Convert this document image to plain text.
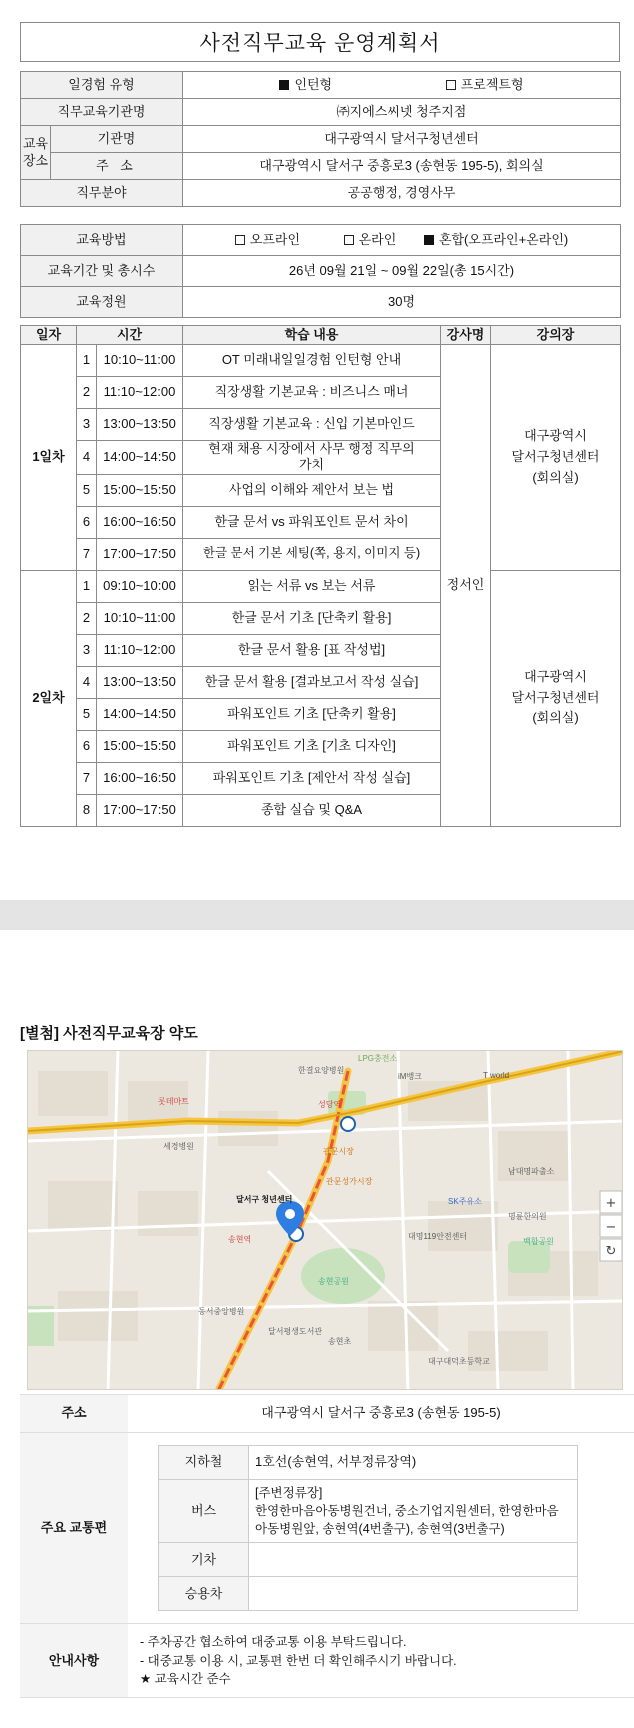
사전직무교육 운영계획서
일경험 유형		인턴형 프로젝트형
직무교육기관명		㈜지에스씨넷 청주지점
교육
장소	기관명	대구광역시 달서구청년센터
	주 소	대구광역시 달서구 중흥로3 (송현동 195-5), 회의실
직무분야		공공행정, 경영사무
교육방법	오프라인 온라인 혼합(오프라인+온라인)
교육기간 및 총시수	26년 09월 21일 ~ 09월 22일(총 15시간)
교육정원	30명
일자	시간		학습 내용	강사명	강의장
1일차	1	10:10~11:00	OT 미래내일일경험 인턴형 안내	정서인	대구광역시
달서구청년센터
(회의실)
	2	11:10~12:00	직장생활 기본교육 : 비즈니스 매너		
	3	13:00~13:50	직장생활 기본교육 : 신입 기본마인드		
	4	14:00~14:50	현재 채용 시장에서 사무 행정 직무의 가치		
	5	15:00~15:50	사업의 이해와 제안서 보는 법		
	6	16:00~16:50	한글 문서 vs 파워포인트 문서 차이		
	7	17:00~17:50	한글 문서 기본 세팅(쪽, 용지, 이미지 등)		
2일차	1	09:10~10:00	읽는 서류 vs 보는 서류		대구광역시
달서구청년센터
(회의실)
	2	10:10~11:00	한글 문서 기초 [단축키 활용]		
	3	11:10~12:00	한글 문서 활용 [표 작성법]		
	4	13:00~13:50	한글 문서 활용 [결과보고서 작성 실습]		
	5	14:00~14:50	파워포인트 기초 [단축키 활용]		
	6	15:00~15:50	파워포인트 기초 [기초 디자인]		
	7	16:00~16:50	파워포인트 기초 [제안서 작성 실습]		
	8	17:00~17:50	종합 실습 및 Q&A		
[별첨] 사전직무교육장 약도
+
−
↻
LPG충전소
한결요양병원
iM뱅크	T world
롯데마트
세경병원
관문시장
관문성가시장
달서구 청년센터
송현공원
송현역
성당역
동서중앙병원
달서평생도서관
송현초
대구대덕초등학교
SK주유소
남대명파출소
명륜한의원
백합공원
대명119안전센터
주소	대구광역시 달서구 중흥로3 (송현동 195-5)
주요 교통편	
지하철	1호선(송현역, 서부정류장역)
버스	[주변정류장]
한영한마음아동병원건너, 중소기업지원센터, 한영한마음
아동병원앞, 송현역(4번출구), 송현역(3번출구)
기차	
승용차	

안내사항	
- 주차공간 협소하여 대중교통 이용 부탁드립니다.
- 대중교통 이용 시, 교통편 한번 더 확인해주시기 바랍니다.
★ 교육시간 준수
